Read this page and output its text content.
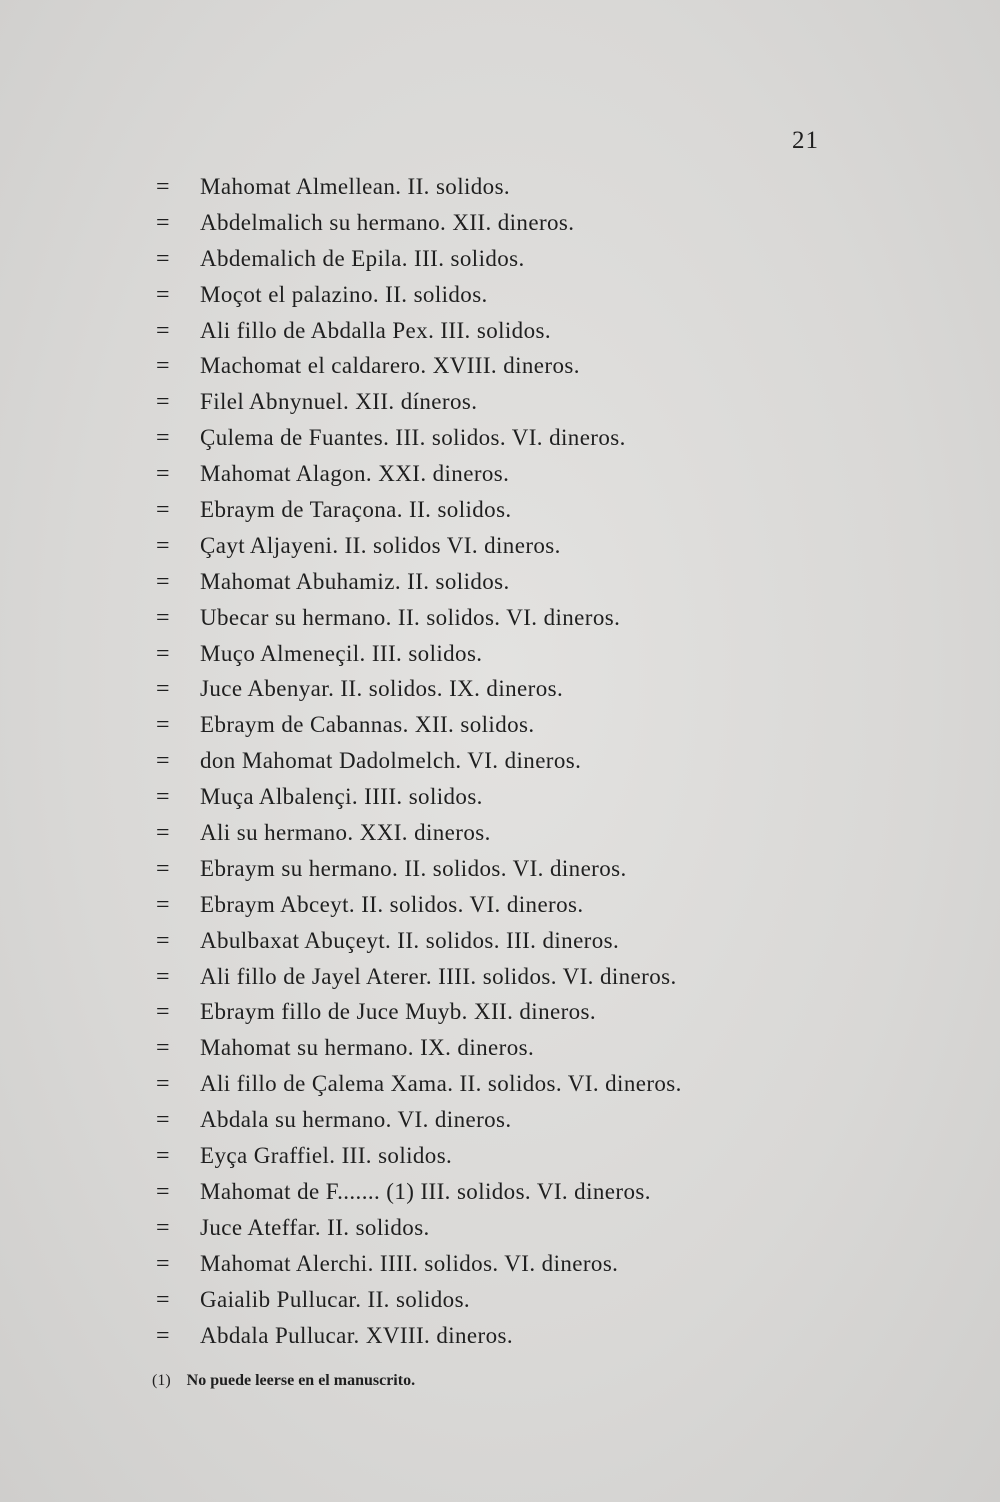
21
=	Mahomat Almellean. II. solidos.
=	Abdelmalich su hermano. XII. dineros.
=	Abdemalich de Epila. III. solidos.
=	Moçot el palazino. II. solidos.
=	Ali fillo de Abdalla Pex. III. solidos.
=	Machomat el caldarero. XVIII. dineros.
=	Filel Abnynuel. XII. díneros.
=	Çulema de Fuantes. III. solidos. VI. dineros.
=	Mahomat Alagon. XXI. dineros.
=	Ebraym de Taraçona. II. solidos.
=	Çayt Aljayeni. II. solidos VI. dineros.
=	Mahomat Abuhamiz. II. solidos.
=	Ubecar su hermano. II. solidos. VI. dineros.
=	Muço Almeneçil. III. solidos.
=	Juce Abenyar. II. solidos. IX. dineros.
=	Ebraym de Cabannas. XII. solidos.
=	don Mahomat Dadolmelch. VI. dineros.
=	Muça Albalençi. IIII. solidos.
=	Ali su hermano. XXI. dineros.
=	Ebraym su hermano. II. solidos. VI. dineros.
=	Ebraym Abceyt. II. solidos. VI. dineros.
=	Abulbaxat Abuçeyt. II. solidos. III. dineros.
=	Ali fillo de Jayel Aterer. IIII. solidos. VI. dineros.
=	Ebraym fillo de Juce Muyb. XII. dineros.
=	Mahomat su hermano. IX. dineros.
=	Ali fillo de Çalema Xama. II. solidos. VI. dineros.
=	Abdala su hermano. VI. dineros.
=	Eyça Graffiel. III. solidos.
=	Mahomat de F....... (1) III. solidos. VI. dineros.
=	Juce Ateffar. II. solidos.
=	Mahomat Alerchi. IIII. solidos. VI. dineros.
=	Gaialib Pullucar. II. solidos.
=	Abdala Pullucar. XVIII. dineros.
(1) No puede leerse en el manuscrito.
